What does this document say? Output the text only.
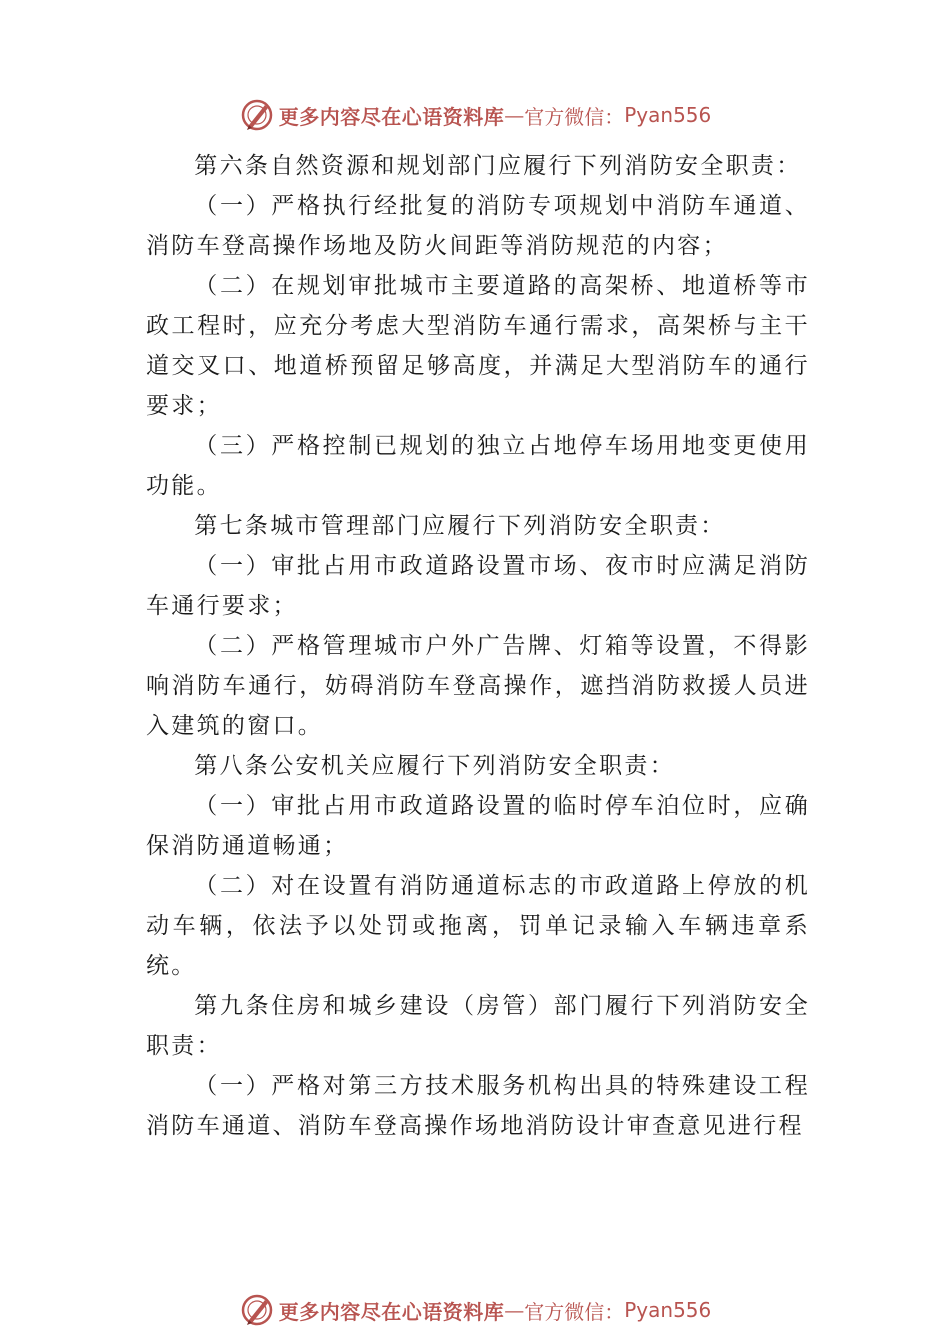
更多内容尽在心语资料库 — 官方微信： Pyan556

第六条自然资源和规划部门应履行下列消防安全职责：

（一）严格执行经批复的消防专项规划中消防车通道、消防车登高操作场地及防火间距等消防规范的内容；

（二）在规划审批城市主要道路的高架桥、地道桥等市政工程时，应充分考虑大型消防车通行需求，高架桥与主干道交叉口、地道桥预留足够高度，并满足大型消防车的通行要求；

（三）严格控制已规划的独立占地停车场用地变更使用功能。

第七条城市管理部门应履行下列消防安全职责：

（一）审批占用市政道路设置市场、夜市时应满足消防车通行要求；

（二）严格管理城市户外广告牌、灯箱等设置，不得影响消防车通行，妨碍消防车登高操作，遮挡消防救援人员进入建筑的窗口。

第八条公安机关应履行下列消防安全职责：

（一）审批占用市政道路设置的临时停车泊位时，应确保消防通道畅通；

（二）对在设置有消防通道标志的市政道路上停放的机动车辆，依法予以处罚或拖离，罚单记录输入车辆违章系统。

第九条住房和城乡建设（房管）部门履行下列消防安全职责：

（一）严格对第三方技术服务机构出具的特殊建设工程消防车通道、消防车登高操作场地消防设计审查意见进行程

更多内容尽在心语资料库 — 官方微信： Pyan556
